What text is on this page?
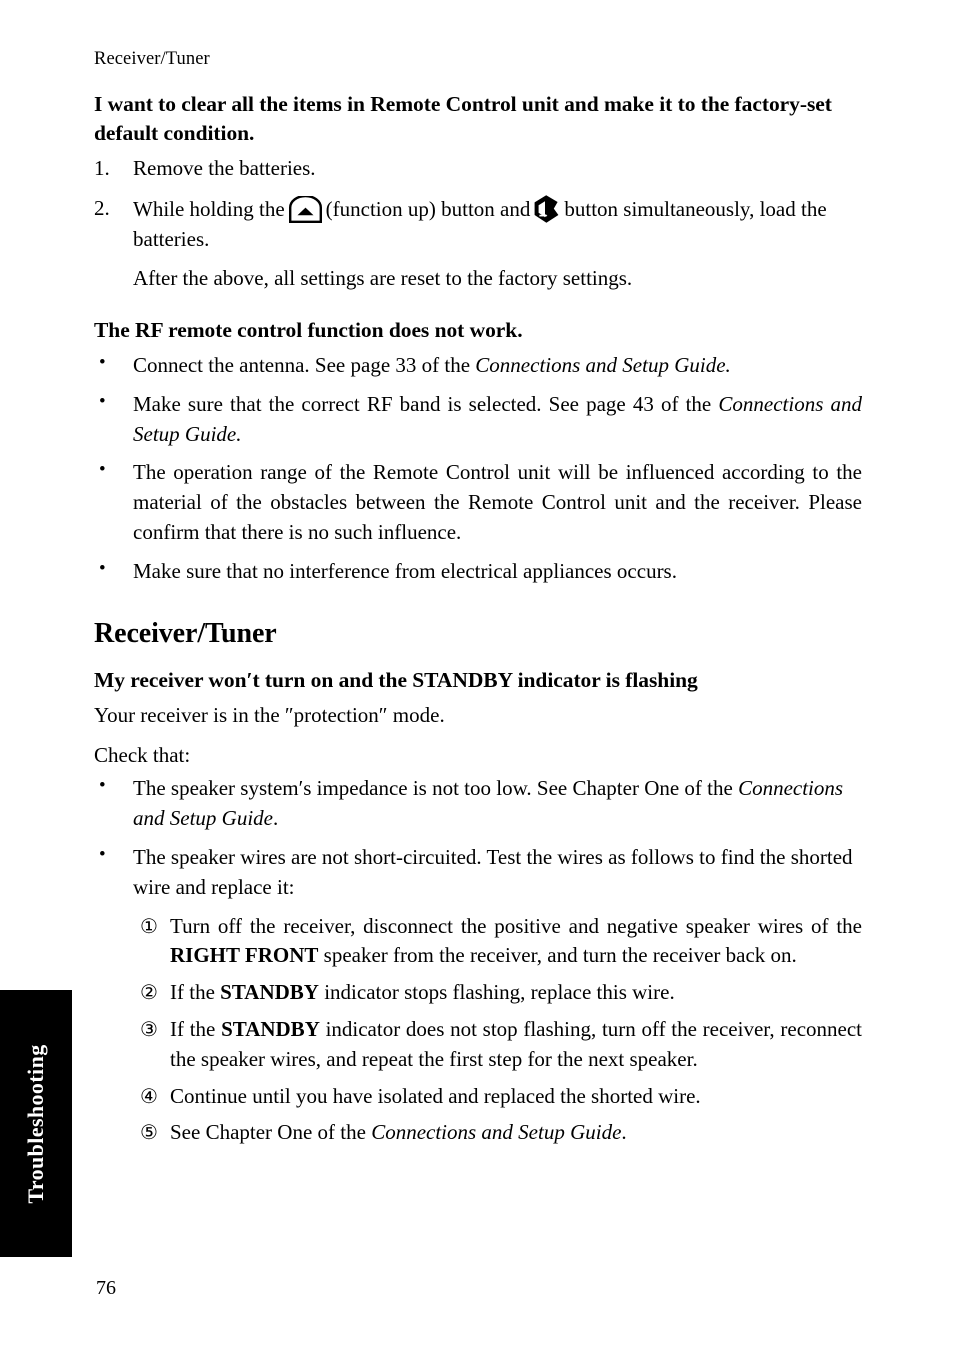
Receiver/Tuner
I want to clear all the items in Remote Control unit and make it to the factory-set default condition.
1.	Remove the batteries.
2.	While holding the (function up) button and button simultaneously, load the batteries.
After the above, all settings are reset to the factory settings.
The RF remote control function does not work.
• Connect the antenna. See page 33 of the Connections and Setup Guide.
• Make sure that the correct RF band is selected. See page 43 of the Connections and Setup Guide.
• The operation range of the Remote Control unit will be influenced according to the material of the obstacles between the Remote Control unit and the receiver. Please confirm that there is no such influence.
• Make sure that no interference from electrical appliances occurs.
Receiver/Tuner
My receiver won′t turn on and the STANDBY indicator is flashing
Your receiver is in the ″protection″ mode.
Check that:
• The speaker system′s impedance is not too low. See Chapter One of the Connections and Setup Guide.
• The speaker wires are not short-circuited. Test the wires as follows to find the shorted wire and replace it:
① Turn off the receiver, disconnect the positive and negative speaker wires of the RIGHT FRONT speaker from the receiver, and turn the receiver back on.
② If the STANDBY indicator stops flashing, replace this wire.
③ If the STANDBY indicator does not stop flashing, turn off the receiver, reconnect the speaker wires, and repeat the first step for the next speaker.
④ Continue until you have isolated and replaced the shorted wire.
⑤ See Chapter One of the Connections and Setup Guide.
Troubleshooting
76
